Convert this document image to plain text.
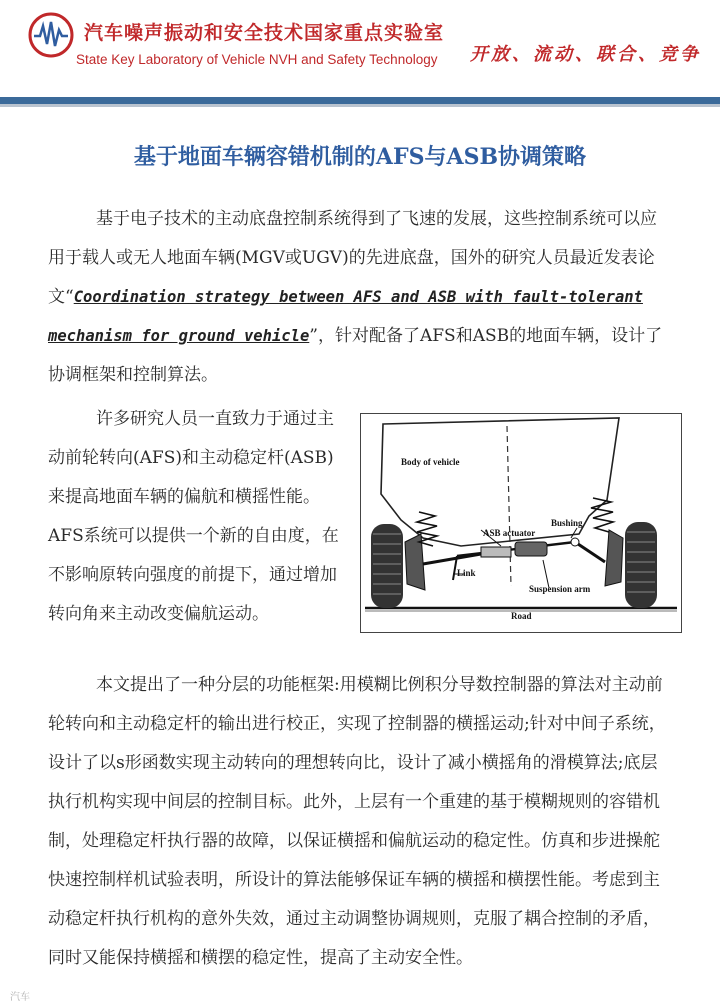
汽车噪声振动和安全技术国家重点实验室
State Key Laboratory of Vehicle NVH and Safety Technology 开放、流动、联合、竞争
基于地面车辆容错机制的AFS与ASB协调策略
基于电子技术的主动底盘控制系统得到了飞速的发展，这些控制系统可以应用于载人或无人地面车辆(MGV或UGV)的先进底盘，国外的研究人员最近发表论文“Coordination strategy between AFS and ASB with fault-tolerant mechanism for ground vehicle”，针对配备了AFS和ASB的地面车辆，设计了协调框架和控制算法。
许多研究人员一直致力于通过主动前轮转向(AFS)和主动稳定杆(ASB)来提高地面车辆的偏航和横摇性能。AFS系统可以提供一个新的自由度，在不影响原转向强度的前提下，通过增加转向角来主动改变偏航运动。
Body of vehicle
ASB actuator
Bushing
Link
Suspension arm
Road
本文提出了一种分层的功能框架:用模糊比例积分导数控制器的算法对主动前轮转向和主动稳定杆的输出进行校正，实现了控制器的横摇运动;针对中间子系统，设计了以s形函数实现主动转向的理想转向比，设计了减小横摇角的滑模算法;底层执行机构实现中间层的控制目标。此外，上层有一个重建的基于模糊规则的容错机制，处理稳定杆执行器的故障，以保证横摇和偏航运动的稳定性。仿真和步进操舵快速控制样机试验表明，所设计的算法能够保证车辆的横摇和横摆性能。考虑到主动稳定杆执行机构的意外失效，通过主动调整协调规则，克服了耦合控制的矛盾，同时又能保持横摇和横摆的稳定性，提高了主动安全性。
汽车
